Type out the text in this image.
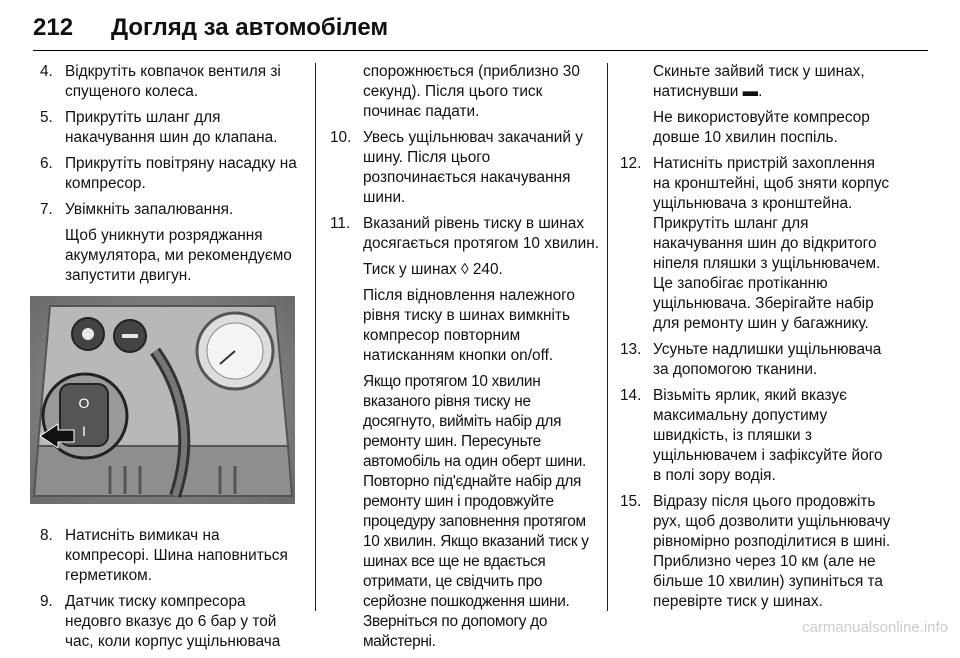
212 Догляд за автомобілем
4. Відкрутіть ковпачок вентиля зі спущеного колеса.
5. Прикрутіть шланг для накачування шин до клапана.
6. Прикрутіть повітряну насадку на компресор.
7. Увімкніть запалювання.
Щоб уникнути розряджання акумулятора, ми рекомендуємо запустити двигун.
O
I
8. Натисніть вимикач на компресорі. Шина наповниться герметиком.
9. Датчик тиску компресора недовго вказує до 6 бар у той час, коли корпус ущільнювача
спорожнюється (приблизно 30 секунд). Після цього тиск починає падати.
10. Увесь ущільнювач закачаний у шину. Після цього розпочинається накачування шини.
11. Вказаний рівень тиску в шинах досягається протягом 10 хвилин.
Тиск у шинах ◊ 240.
Після відновлення належного рівня тиску в шинах вимкніть компресор повторним натисканням кнопки on/off.
Якщо протягом 10 хвилин вказаного рівня тиску не досягнуто, вийміть набір для ремонту шин. Пересуньте автомобіль на один оберт шини. Повторно під'єднайте набір для ремонту шин і продовжуйте процедуру заповнення протягом 10 хвилин. Якщо вказаний тиск у шинах все ще не вдається отримати, це свідчить про серйозне пошкодження шини. Зверніться по допомогу до майстерні.
Скиньте зайвий тиск у шинах, натиснувши ▬.
Не використовуйте компресор довше 10 хвилин поспіль.
12. Натисніть пристрій захоплення на кронштейні, щоб зняти корпус ущільнювача з кронштейна. Прикрутіть шланг для накачування шин до відкритого ніпеля пляшки з ущільнювачем. Це запобігає протіканню ущільнювача. Зберігайте набір для ремонту шин у багажнику.
13. Усуньте надлишки ущільнювача за допомогою тканини.
14. Візьміть ярлик, який вказує максимальну допустиму швидкість, із пляшки з ущільнювачем і зафіксуйте його в полі зору водія.
15. Відразу після цього продовжіть рух, щоб дозволити ущільнювачу рівномірно розподілитися в шині. Приблизно через 10 км (але не більше 10 хвилин) зупиніться та перевірте тиск у шинах.
carmanualsonline.info
